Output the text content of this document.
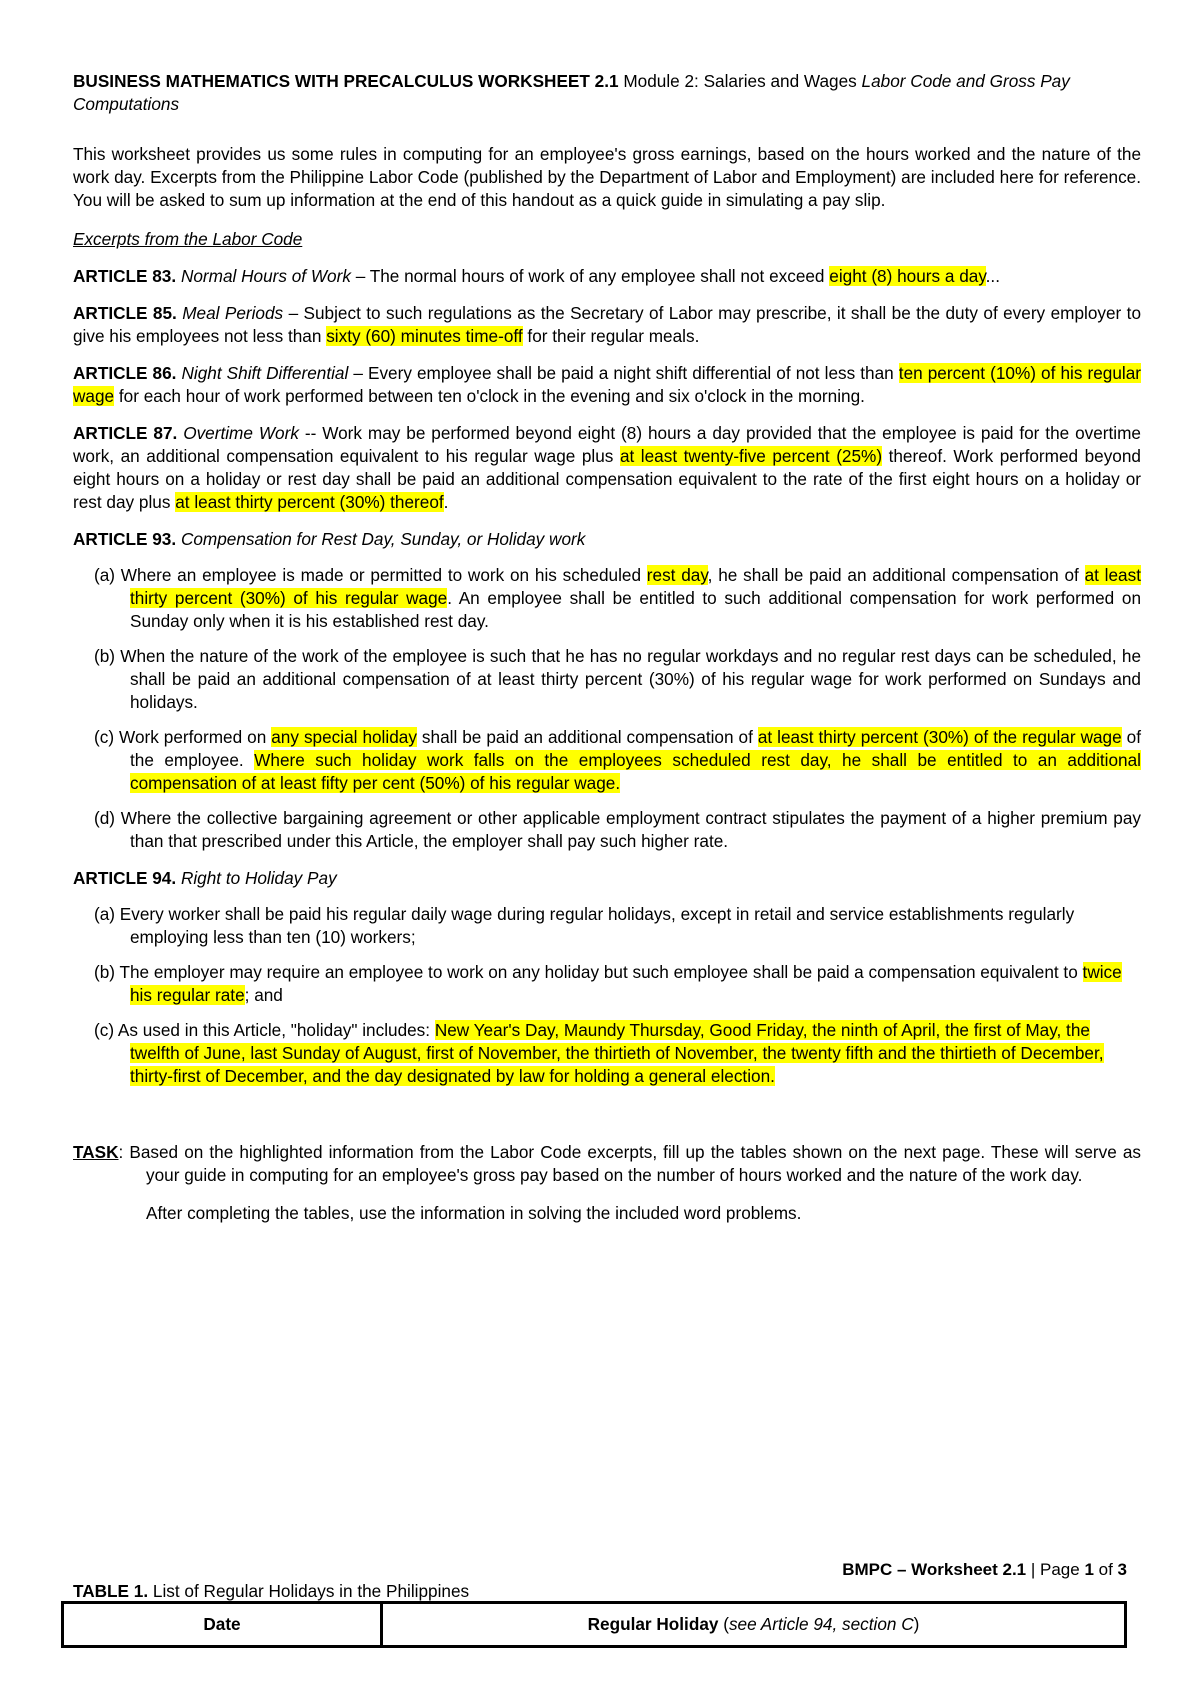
BUSINESS MATHEMATICS WITH PRECALCULUS WORKSHEET 2.1 Module 2: Salaries and Wages Labor Code and Gross Pay Computations

This worksheet provides us some rules in computing for an employee's gross earnings, based on the hours worked and the nature of the work day. Excerpts from the Philippine Labor Code (published by the Department of Labor and Employment) are included here for reference. You will be asked to sum up information at the end of this handout as a quick guide in simulating a pay slip.

Excerpts from the Labor Code

ARTICLE 83. Normal Hours of Work – The normal hours of work of any employee shall not exceed eight (8) hours a day...

ARTICLE 85. Meal Periods – Subject to such regulations as the Secretary of Labor may prescribe, it shall be the duty of every employer to give his employees not less than sixty (60) minutes time-off for their regular meals.

ARTICLE 86. Night Shift Differential – Every employee shall be paid a night shift differential of not less than ten percent (10%) of his regular wage for each hour of work performed between ten o'clock in the evening and six o'clock in the morning.

ARTICLE 87. Overtime Work -- Work may be performed beyond eight (8) hours a day provided that the employee is paid for the overtime work, an additional compensation equivalent to his regular wage plus at least twenty-five percent (25%) thereof. Work performed beyond eight hours on a holiday or rest day shall be paid an additional compensation equivalent to the rate of the first eight hours on a holiday or rest day plus at least thirty percent (30%) thereof.

ARTICLE 93. Compensation for Rest Day, Sunday, or Holiday work

(a) Where an employee is made or permitted to work on his scheduled rest day, he shall be paid an additional compensation of at least thirty percent (30%) of his regular wage. An employee shall be entitled to such additional compensation for work performed on Sunday only when it is his established rest day.

(b) When the nature of the work of the employee is such that he has no regular workdays and no regular rest days can be scheduled, he shall be paid an additional compensation of at least thirty percent (30%) of his regular wage for work performed on Sundays and holidays.

(c) Work performed on any special holiday shall be paid an additional compensation of at least thirty percent (30%) of the regular wage of the employee. Where such holiday work falls on the employees scheduled rest day, he shall be entitled to an additional compensation of at least fifty per cent (50%) of his regular wage.

(d) Where the collective bargaining agreement or other applicable employment contract stipulates the payment of a higher premium pay than that prescribed under this Article, the employer shall pay such higher rate.

ARTICLE 94. Right to Holiday Pay

(a) Every worker shall be paid his regular daily wage during regular holidays, except in retail and service establishments regularly employing less than ten (10) workers;

(b) The employer may require an employee to work on any holiday but such employee shall be paid a compensation equivalent to twice his regular rate; and

(c) As used in this Article, "holiday" includes: New Year's Day, Maundy Thursday, Good Friday, the ninth of April, the first of May, the twelfth of June, last Sunday of August, first of November, the thirtieth of November, the twenty fifth and the thirtieth of December, thirty-first of December, and the day designated by law for holding a general election.

TASK: Based on the highlighted information from the Labor Code excerpts, fill up the tables shown on the next page. These will serve as your guide in computing for an employee's gross pay based on the number of hours worked and the nature of the work day.

After completing the tables, use the information in solving the included word problems.

BMPC – Worksheet 2.1 | Page 1 of 3
TABLE 1. List of Regular Holidays in the Philippines
Date	Regular Holiday (see Article 94, section C)
